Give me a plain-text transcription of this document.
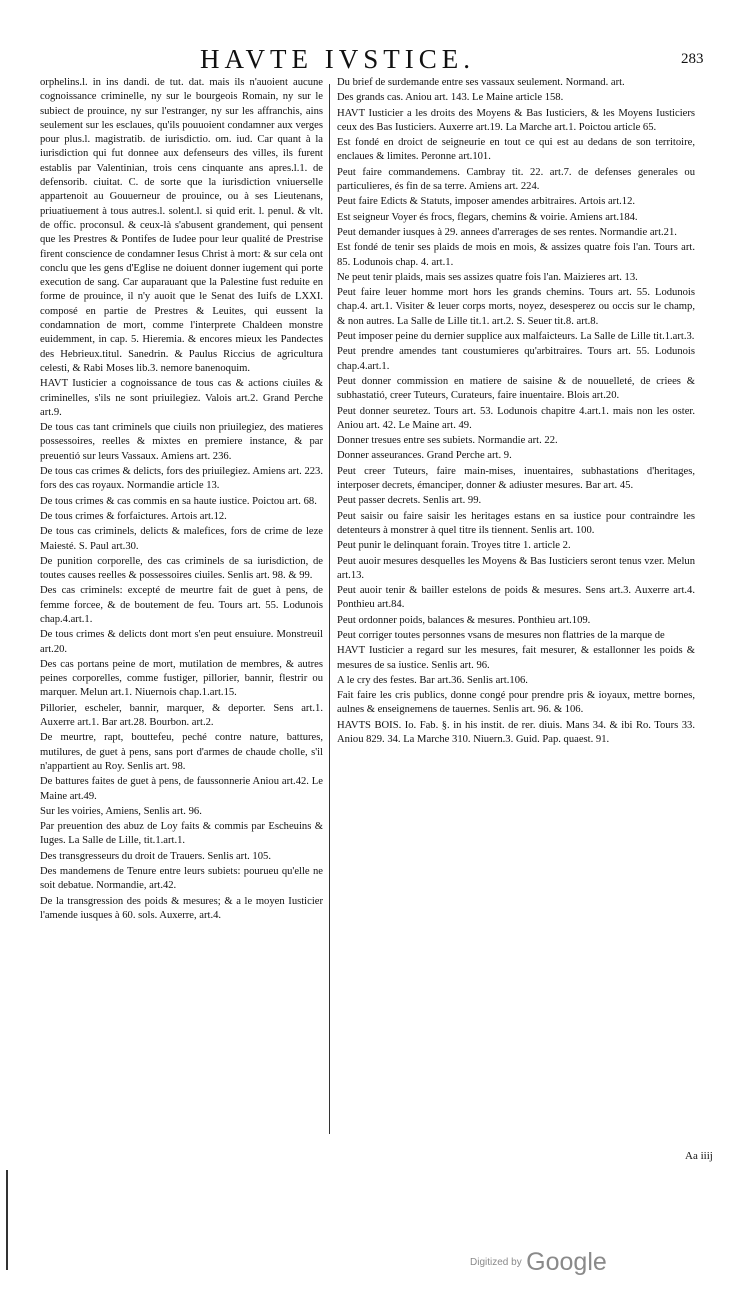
HAVTE IVSTICE.	283

orphelins.l. in ins dandi. de tut. dat. mais ils n'auoient aucune cognoissance criminelle, ny sur le bourgeois Romain, ny sur le subiect de prouince, ny sur l'estranger, ny sur les affranchis, ains seulement sur les esclaues, qu'ils pouuoient condamner aux verges pour plus.l. magistratib. de iurisdictio. om. iud. Car quant à la iurisdiction qui fut donnee aux defenseurs des villes, ils furent establis par Valentinian, trois cens cinquante ans apres.l.1. de defensorib. ciuitat. C. de sorte que la iurisdiction vniuerselle appartenoit au Gouuerneur de prouince, ou à ses Lieutenans, priuatiuement à tous autres.l. solent.l. si quid erit. l. penul. & vlt. de offic. proconsul. & ceux-là s'abusent grandement, qui pensent que les Prestres & Pontifes de Iudee pour leur qualité de Prestrise firent conscience de condamner Iesus Christ à mort: & sur cela ont conclu que les gens d'Eglise ne doiuent donner iugement qui porte execution de sang. Car auparauant que la Palestine fust reduite en forme de prouince, il n'y auoit que le Senat des Iuifs de LXXI. composé en partie de Prestres & Leuites, qui eussent la condamnation de mort, comme l'interprete Chaldeen monstre euidemment, in cap. 5. Hieremia. & encores mieux les Pandectes des Hebrieux.titul. Sanedrin. & Paulus Riccius de agricultura celesti, & Rabi Moses lib.3. nemore banenoquim.

HAVT Iusticier a cognoissance de tous cas & actions ciuiles & criminelles, s'ils ne sont priuilegiez. Valois art.2. Grand Perche art.9.

De tous cas tant criminels que ciuils non priuilegiez, des matieres possessoires, reelles & mixtes en premiere instance, & par preuentió sur leurs Vassaux. Amiens art. 236.

De tous cas crimes & delicts, fors des priuilegiez. Amiens art. 223. fors des cas royaux. Normandie article 13.

De tous crimes & cas commis en sa haute iustice. Poictou art. 68.

De tous crimes & forfaictures. Artois art.12.

De tous cas criminels, delicts & malefices, fors de crime de leze Maiesté. S. Paul art.30.

De punition corporelle, des cas criminels de sa iurisdiction, de toutes causes reelles & possessoires ciuiles. Senlis art. 98. & 99.

Des cas criminels: excepté de meurtre fait de guet à pens, de femme forcee, & de boutement de feu. Tours art. 55. Lodunois chap.4.art.1.

De tous crimes & delicts dont mort s'en peut ensuiure. Monstreuil art.20.

Des cas portans peine de mort, mutilation de membres, & autres peines corporelles, comme fustiger, pillorier, bannir, flestrir ou marquer. Melun art.1. Niuernois chap.1.art.15.

Pillorier, escheler, bannir, marquer, & deporter. Sens art.1. Auxerre art.1. Bar art.28. Bourbon. art.2.

De meurtre, rapt, bouttefeu, peché contre nature, battures, mutilures, de guet à pens, sans port d'armes de chaude cholle, s'il n'appartient au Roy. Senlis art. 98.

De battures faites de guet à pens, de faussonnerie Aniou art.42. Le Maine art.49.

Sur les voiries, Amiens, Senlis art. 96.

Par preuention des abuz de Loy faits & commis par Escheuins & Iuges. La Salle de Lille, tit.1.art.1.

Des transgresseurs du droit de Trauers. Senlis art. 105.

Des mandemens de Tenure entre leurs subiets: pourueu qu'elle ne soit debatue. Normandie, art.42.

De la transgression des poids & mesures; & a le moyen Iusticier l'amende iusques à 60. sols. Auxerre, art.4.

Du brief de surdemande entre ses vassaux seulement. Normand. art.

Des grands cas. Aniou art. 143. Le Maine article 158.

HAVT Iusticier a les droits des Moyens & Bas Iusticiers, & les Moyens Iusticiers ceux des Bas Iusticiers. Auxerre art.19. La Marche art.1. Poictou article 65.

Est fondé en droict de seigneurie en tout ce qui est au dedans de son territoire, enclaues & limites. Peronne art.101.

Peut faire commandemens. Cambray tit. 22. art.7. de defenses generales ou particulieres, és fin de sa terre. Amiens art. 224.

Peut faire Edicts & Statuts, imposer amendes arbitraires. Artois art.12.

Est seigneur Voyer és frocs, flegars, chemins & voirie. Amiens art.184.

Peut demander iusques à 29. annees d'arrerages de ses rentes. Normandie art.21.

Est fondé de tenir ses plaids de mois en mois, & assizes quatre fois l'an. Tours art. 85. Lodunois chap. 4. art.1.

Ne peut tenir plaids, mais ses assizes quatre fois l'an. Maizieres art. 13.

Peut faire leuer homme mort hors les grands chemins. Tours art. 55. Lodunois chap.4. art.1. Visiter & leuer corps morts, noyez, desesperez ou occis sur le champ, & non autres. La Salle de Lille tit.1. art.2. S. Seuer tit.8. art.8.

Peut imposer peine du dernier supplice aux malfaicteurs. La Salle de Lille tit.1.art.3.

Peut prendre amendes tant coustumieres qu'arbitraires. Tours art. 55. Lodunois chap.4.art.1.

Peut donner commission en matiere de saisine & de nouuelleté, de criees & subhastatió, creer Tuteurs, Curateurs, faire inuentaire. Blois art.20.

Peut donner seuretez. Tours art. 53. Lodunois chapitre 4.art.1. mais non les oster. Aniou art. 42. Le Maine art. 49.

Donner tresues entre ses subiets. Normandie art. 22.

Donner asseurances. Grand Perche art. 9.

Peut creer Tuteurs, faire main-mises, inuentaires, subhastations d'heritages, interposer decrets, émanciper, donner & adiuster mesures. Bar art. 45.

Peut passer decrets. Senlis art. 99.

Peut saisir ou faire saisir les heritages estans en sa iustice pour contraindre les detenteurs à monstrer à quel titre ils tiennent. Senlis art. 100.

Peut punir le delinquant forain. Troyes titre 1. article 2.

Peut auoir mesures desquelles les Moyens & Bas Iusticiers seront tenus vzer. Melun art.13.

Peut auoir tenir & bailler estelons de poids & mesures. Sens art.3. Auxerre art.4. Ponthieu art.84.

Peut ordonner poids, balances & mesures. Ponthieu art.109.

Peut corriger toutes personnes vsans de mesures non flattries de la marque de

HAVT Iusticier a regard sur les mesures, fait mesurer, & estallonner les poids & mesures de sa iustice. Senlis art. 96.

A le cry des festes. Bar art.36. Senlis art.106.

Fait faire les cris publics, donne congé pour prendre pris & ioyaux, mettre bornes, aulnes & enseignemens de tauernes. Senlis art. 96. & 106.

HAVTS BOIS. Io. Fab. §. in his instit. de rer. diuis. Mans 34. & ibi Ro. Tours 33. Aniou 829. 34. La Marche 310. Niuern.3. Guid. Pap. quaest. 91.

Aa iiij
Digitized by Google
